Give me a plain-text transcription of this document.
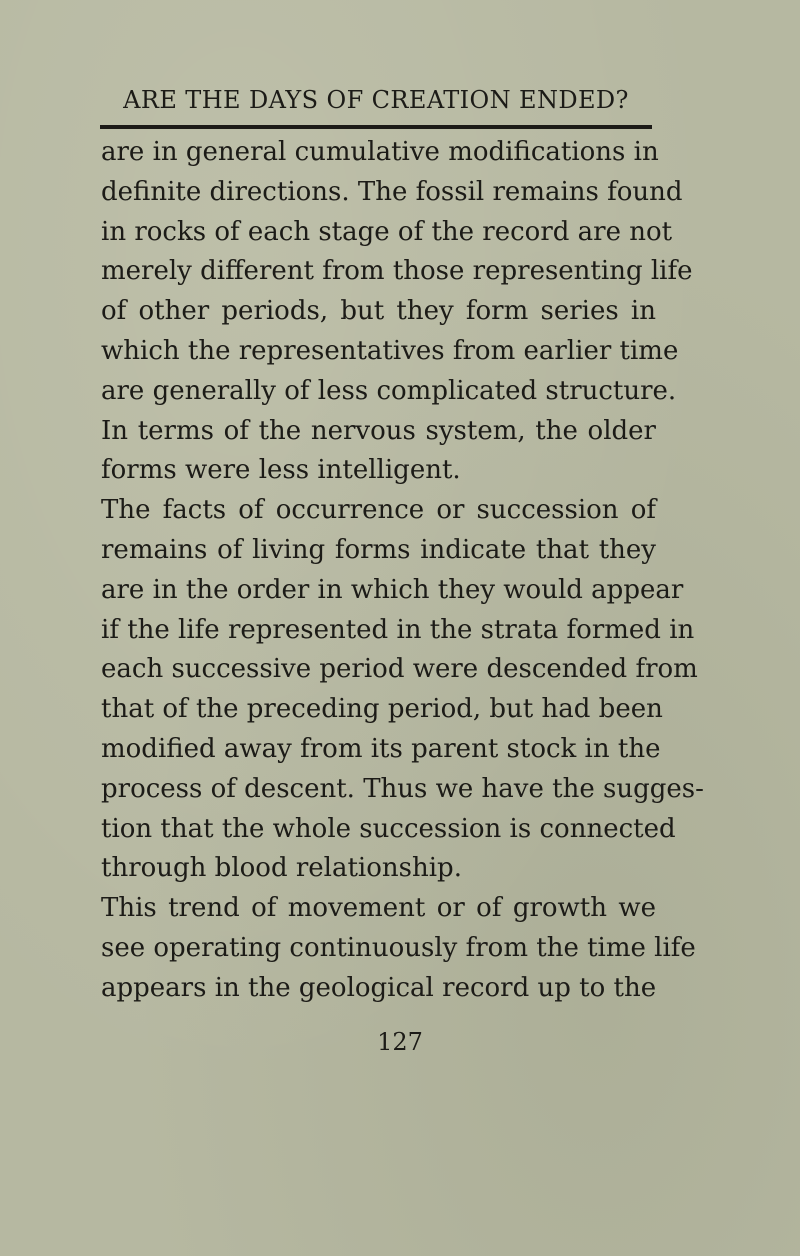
ARE THE DAYS OF CREATION ENDED?
are in general cumulative modifications in
definite directions. The fossil remains found
in rocks of each stage of the record are not
merely different from those representing life
of other periods, but they form series in
which the representatives from earlier time
are generally of less complicated structure.
In terms of the nervous system, the older
forms were less intelligent.
The facts of occurrence or succession of
remains of living forms indicate that they
are in the order in which they would appear
if the life represented in the strata formed in
each successive period were descended from
that of the preceding period, but had been
modified away from its parent stock in the
process of descent. Thus we have the sugges-
tion that the whole succession is connected
through blood relationship.
This trend of movement or of growth we
see operating continuously from the time life
appears in the geological record up to the
127
